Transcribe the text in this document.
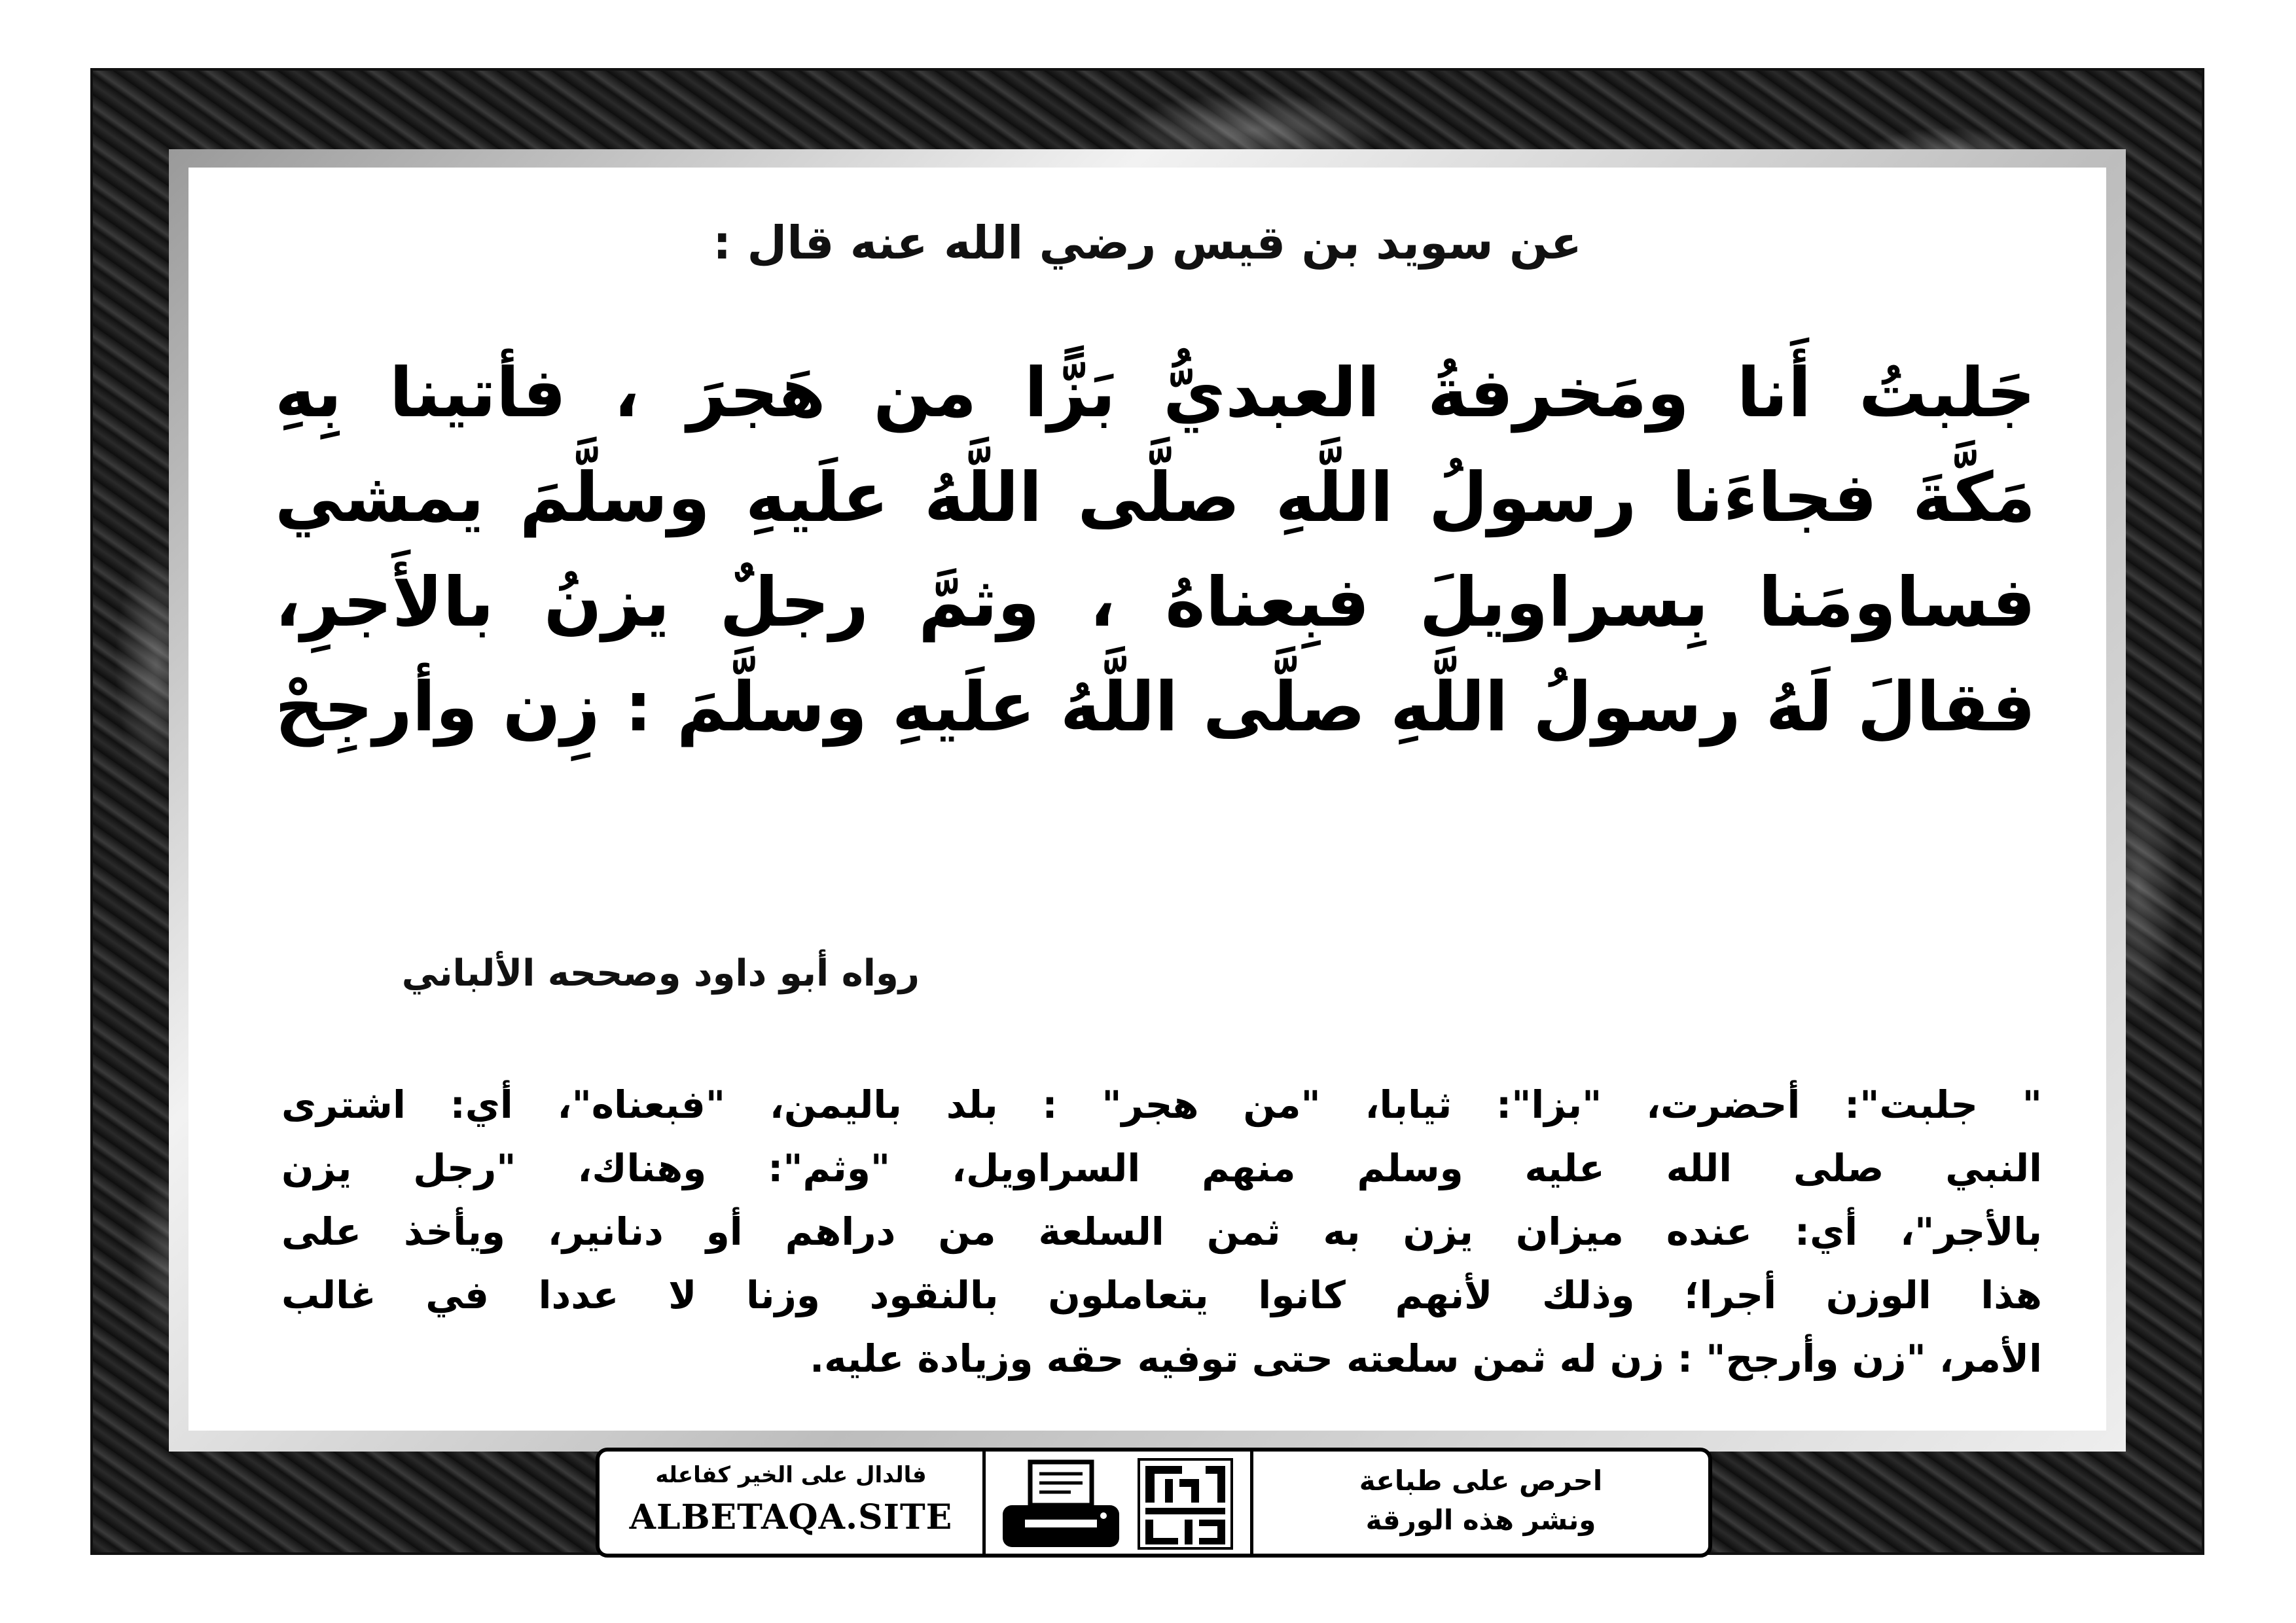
عن سويد بن قيس رضي الله عنه قال :
جَلبتُ أَنا ومَخرفةُ العبديُّ بَزًّا من هَجرَ ، فأتينا بِهِ
مَكَّةَ فجاءَنا رسولُ اللَّهِ صلَّى اللَّهُ علَيهِ وسلَّمَ يمشي
فساومَنا بِسراويلَ فبِعناهُ ، وثمَّ رجلٌ يزنُ بالأَجرِ،
فقالَ لَهُ رسولُ اللَّهِ صلَّى اللَّهُ علَيهِ وسلَّمَ : زِن وأرجِحْ
رواه أبو داود وصححه الألباني
" جلبت": أحضرت، "بزا": ثيابا، "من هجر" : بلد باليمن، "فبعناه"، أي: اشترى
النبي صلى الله عليه وسلم منهم السراويل، "وثم": وهناك، "رجل يزن
بالأجر"، أي: عنده ميزان يزن به ثمن السلعة من دراهم أو دنانير، ويأخذ على
هذا الوزن أجرا؛ وذلك لأنهم كانوا يتعاملون بالنقود وزنا لا عددا في غالب
الأمر، "زن وأرجح" : زن له ثمن سلعته حتى توفيه حقه وزيادة عليه.
فالدال على الخير كفاعله
ALBETAQA.SITE
احرص على طباعة
ونشر هذه الورقة
